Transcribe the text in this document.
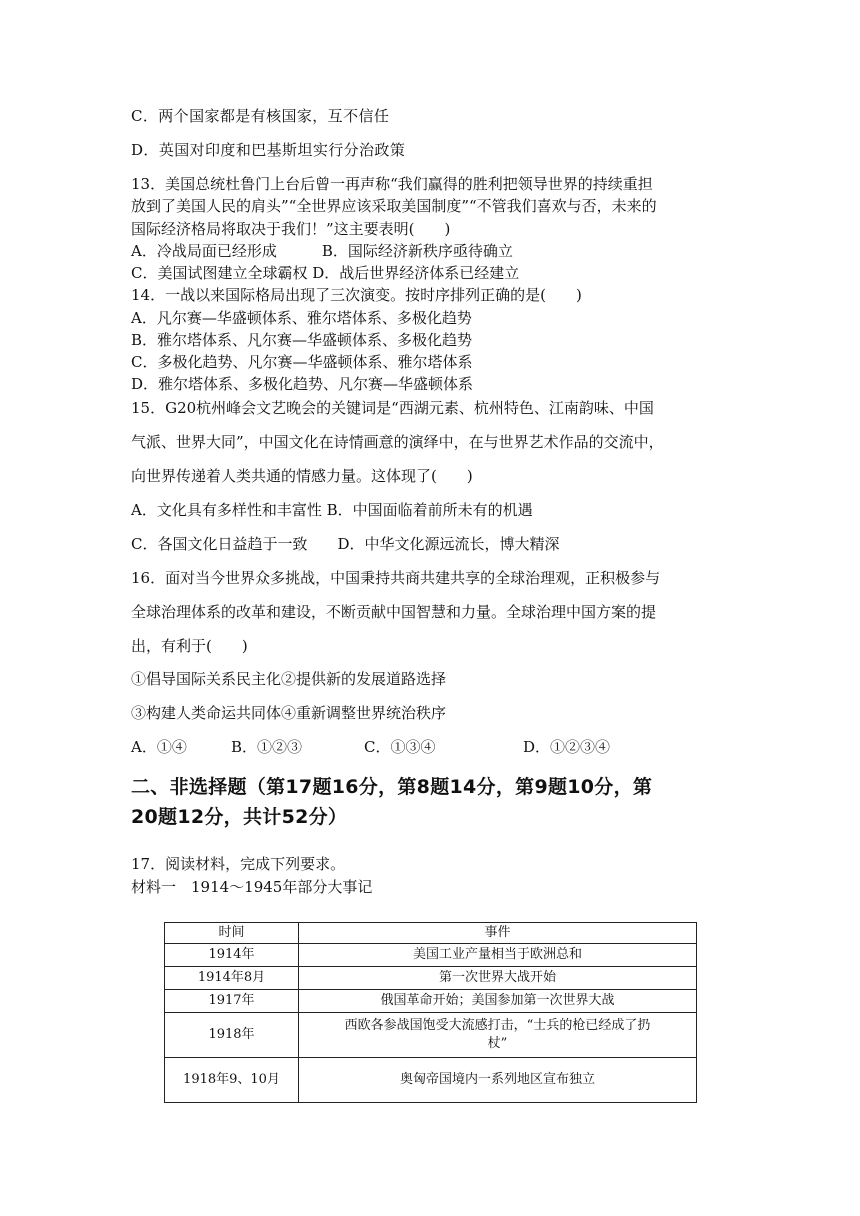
C．两个国家都是有核国家，互不信任
D．英国对印度和巴基斯坦实行分治政策
13．美国总统杜鲁门上台后曾一再声称“我们赢得的胜利把领导世界的持续重担
放到了美国人民的肩头”“全世界应该采取美国制度”“不管我们喜欢与否，未来的
国际经济格局将取决于我们！”这主要表明(　　)
A．冷战局面已经形成　　　B．国际经济新秩序亟待确立
C．美国试图建立全球霸权 D．战后世界经济体系已经建立
14．一战以来国际格局出现了三次演变。按时序排列正确的是(　　)
A．凡尔赛—华盛顿体系、雅尔塔体系、多极化趋势
B．雅尔塔体系、凡尔赛—华盛顿体系、多极化趋势
C．多极化趋势、凡尔赛—华盛顿体系、雅尔塔体系
D．雅尔塔体系、多极化趋势、凡尔赛—华盛顿体系
15．G20杭州峰会文艺晚会的关键词是“西湖元素、杭州特色、江南韵味、中国
气派、世界大同”，中国文化在诗情画意的演绎中，在与世界艺术作品的交流中，
向世界传递着人类共通的情感力量。这体现了(　　)
A．文化具有多样性和丰富性 B．中国面临着前所未有的机遇
C．各国文化日益趋于一致　　D．中华文化源远流长，博大精深
16．面对当今世界众多挑战，中国秉持共商共建共享的全球治理观，正积极参与
全球治理体系的改革和建设，不断贡献中国智慧和力量。全球治理中国方案的提
出，有利于(　　)
①倡导国际关系民主化②提供新的发展道路选择
③构建人类命运共同体④重新调整世界统治秩序
A．①④	B．①②③	C．①③④	D．①②③④
二、非选择题（第17题16分，第8题14分，第9题10分，第
20题12分，共计52分）
17．阅读材料，完成下列要求。
材料一　1914～1945年部分大事记
时间	事件
1914年	美国工业产量相当于欧洲总和
1914年8月	第一次世界大战开始
1917年	俄国革命开始；美国参加第一次世界大战
1918年	西欧各参战国饱受大流感打击，“士兵的枪已经成了扔杖”
1918年9、10月	奥匈帝国境内一系列地区宣布独立
